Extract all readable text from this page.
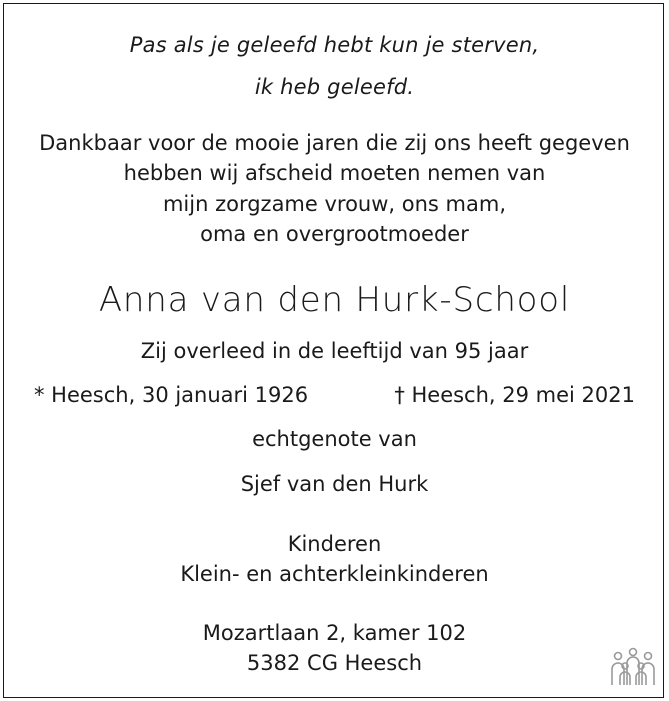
Pas als je geleefd hebt kun je sterven,
ik heb geleefd.
Dankbaar voor de mooie jaren die zij ons heeft gegeven
hebben wij afscheid moeten nemen van
mijn zorgzame vrouw, ons mam,
oma en overgrootmoeder
Anna van den Hurk-School
Zij overleed in de leeftijd van 95 jaar
* Heesch, 30 januari 1926	† Heesch, 29 mei 2021
echtgenote van
Sjef van den Hurk
Kinderen
Klein- en achterkleinkinderen
Mozartlaan 2, kamer 102
5382 CG Heesch
